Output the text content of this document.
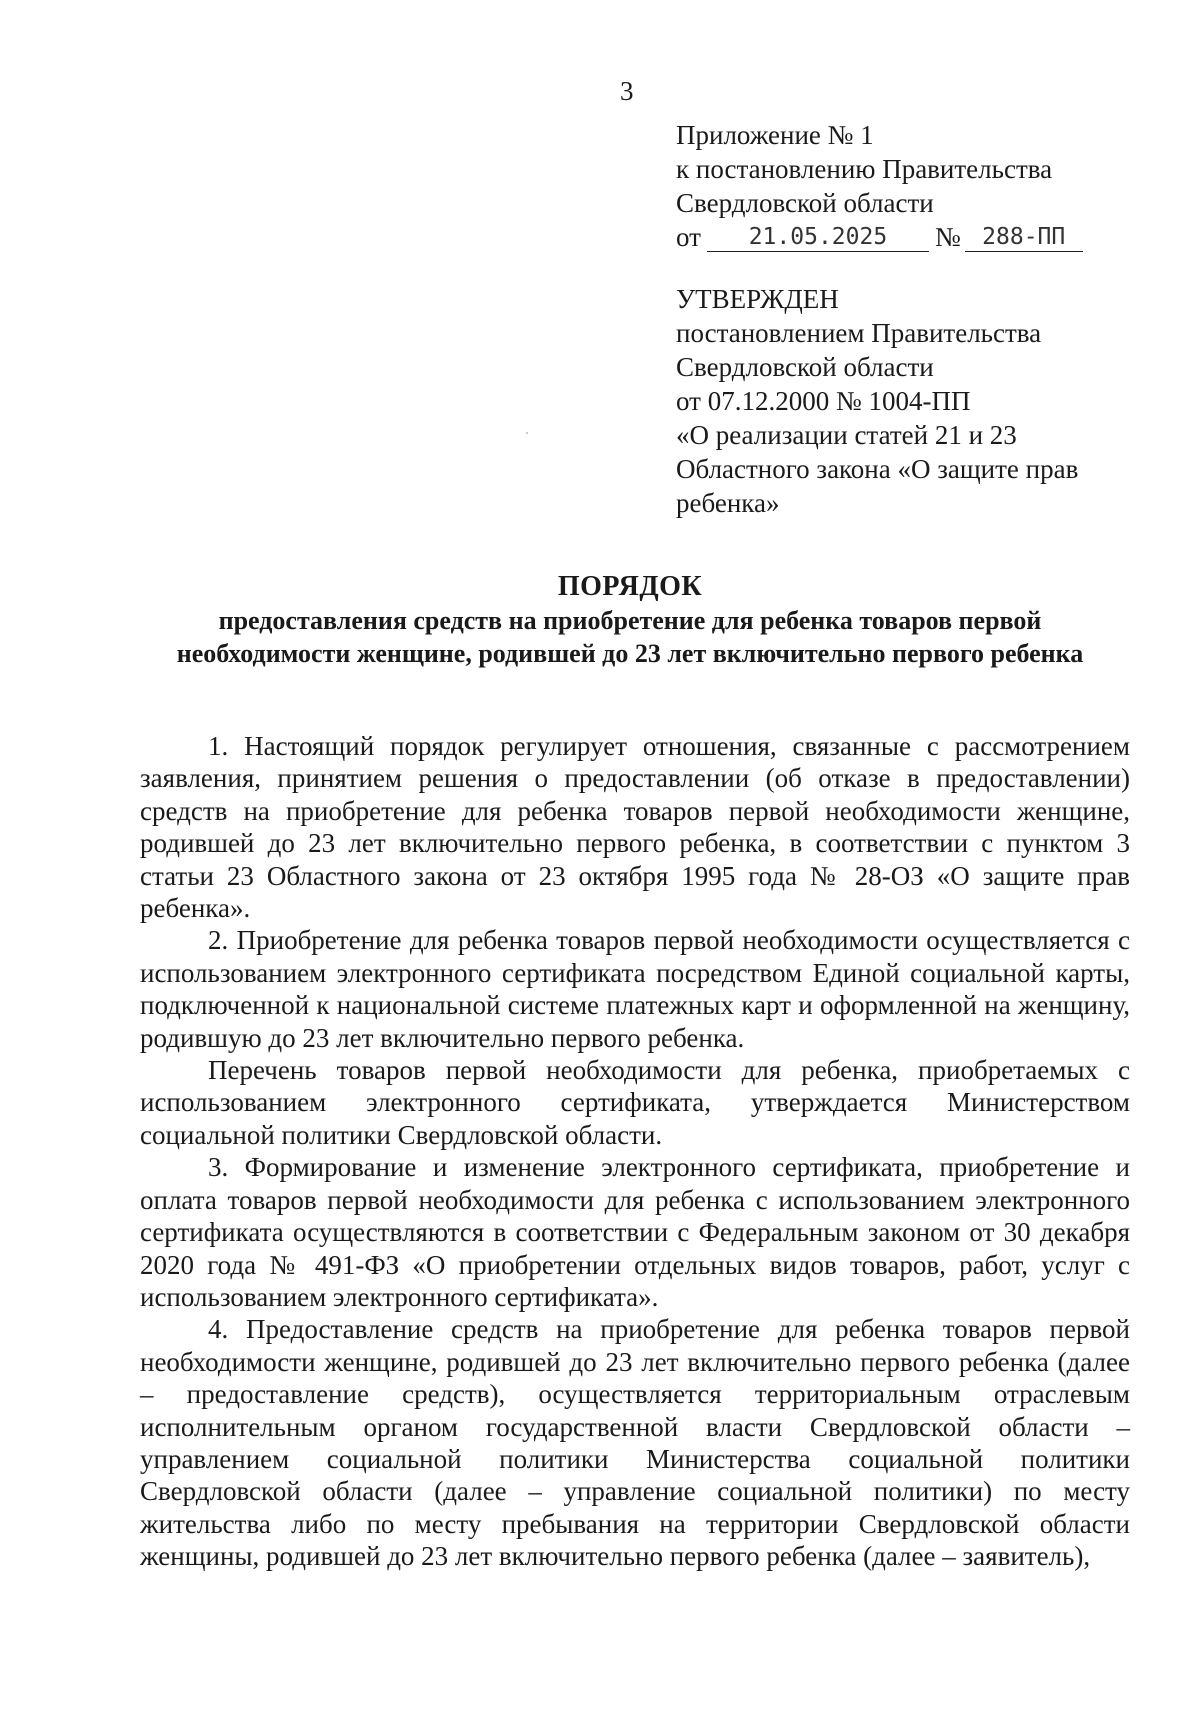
3
Приложение № 1
к постановлению Правительства
Свердловской области
от	21.05.2025	№ 288-ПП
УТВЕРЖДЕН
постановлением Правительства
Свердловской области
от 07.12.2000 № 1004-ПП
«О реализации статей 21 и 23
Областного закона «О защите прав
ребенка»
ПОРЯДОК
предоставления средств на приобретение для ребенка товаров первой
необходимости женщине, родившей до 23 лет включительно первого ребенка

1. Настоящий порядок регулирует отношения, связанные с рассмотрением заявления, принятием решения о предоставлении (об отказе в предоставлении) средств на приобретение для ребенка товаров первой необходимости женщине, родившей до 23 лет включительно первого ребенка, в соответствии с пунктом 3 статьи 23 Областного закона от 23 октября 1995 года № 28-ОЗ «О защите прав ребенка».

2. Приобретение для ребенка товаров первой необходимости осуществляется с использованием электронного сертификата посредством Единой социальной карты, подключенной к национальной системе платежных карт и оформленной на женщину, родившую до 23 лет включительно первого ребенка.

Перечень товаров первой необходимости для ребенка, приобретаемых с использованием электронного сертификата, утверждается Министерством социальной политики Свердловской области.

3. Формирование и изменение электронного сертификата, приобретение и оплата товаров первой необходимости для ребенка с использованием электронного сертификата осуществляются в соответствии с Федеральным законом от 30 декабря 2020 года № 491-ФЗ «О приобретении отдельных видов товаров, работ, услуг с использованием электронного сертификата».

4. Предоставление средств на приобретение для ребенка товаров первой необходимости женщине, родившей до 23 лет включительно первого ребенка (далее – предоставление средств), осуществляется территориальным отраслевым исполнительным органом государственной власти Свердловской области – управлением социальной политики Министерства социальной политики Свердловской области (далее – управление социальной политики) по месту жительства либо по месту пребывания на территории Свердловской области женщины, родившей до 23 лет включительно первого ребенка (далее – заявитель),
